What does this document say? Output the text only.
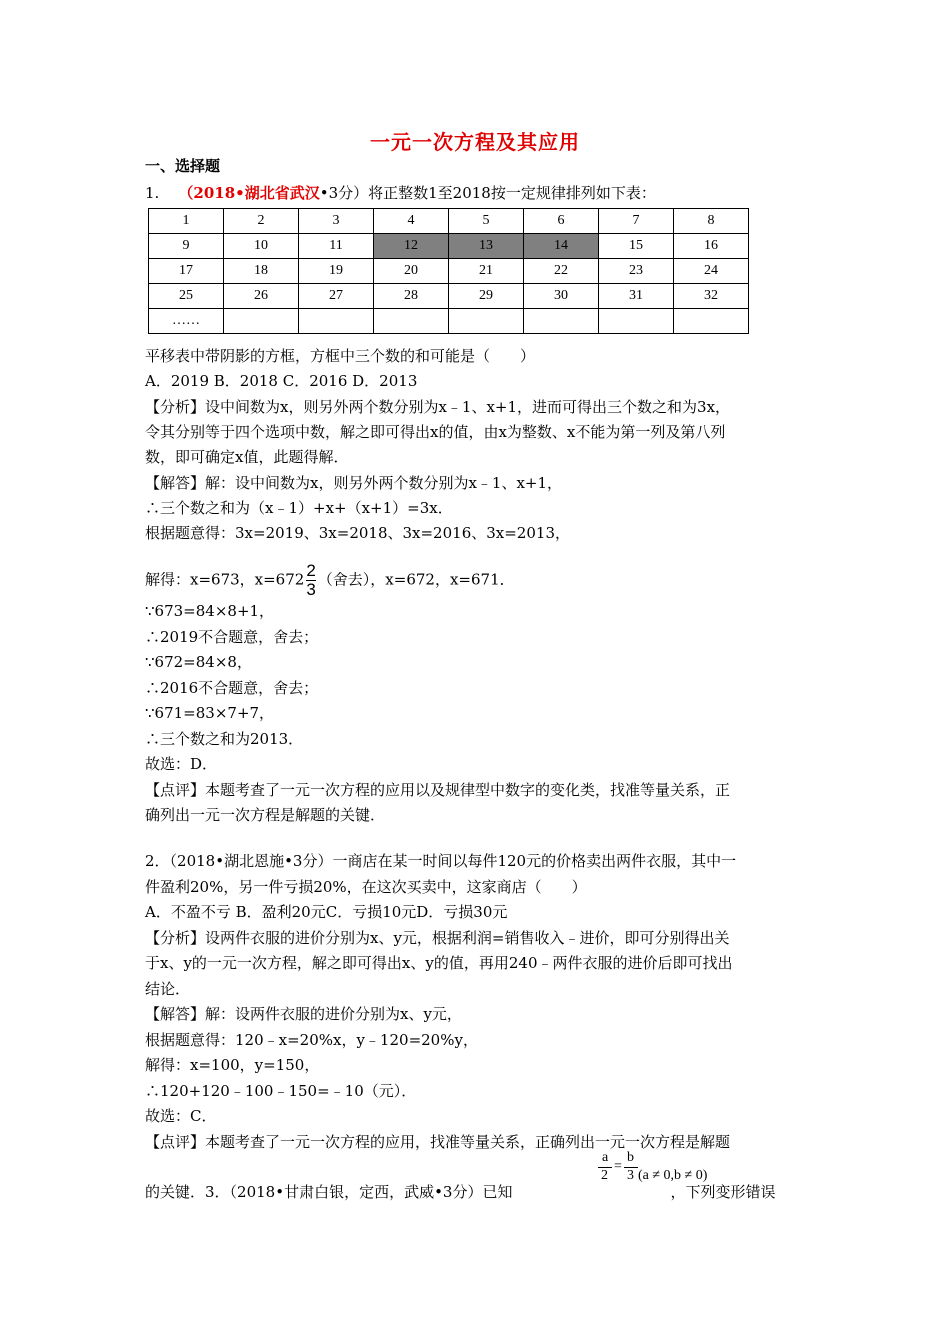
一元一次方程及其应用
一、选择题
1. （2018•湖北省武汉•3分）将正整数1至2018按一定规律排列如下表：
1	2	3	4	5	6	7	8
9	10	11	12	13	14	15	16
17	18	19	20	21	22	23	24
25	26	27	28	29	30	31	32
……							
平移表中带阴影的方框，方框中三个数的和可能是（　　）
A．2019 B．2018 C．2016 D．2013
【分析】设中间数为x，则另外两个数分别为x﹣1、x+1，进而可得出三个数之和为3x，
令其分别等于四个选项中数，解之即可得出x的值，由x为整数、x不能为第一列及第八列
数，即可确定x值，此题得解．
【解答】解：设中间数为x，则另外两个数分别为x﹣1、x+1，
∴三个数之和为（x﹣1）+x+（x+1）=3x．
根据题意得：3x=2019、3x=2018、3x=2016、3x=2013，
解得：x=673，$x=672 \frac{2}{3}$ （舍去），x=672，x=671．
∵673=84×8+1，
∴2019不合题意，舍去；
∵672=84×8，
∴2016不合题意，舍去；
∵671=83×7+7，
∴三个数之和为2013．
故选：D．
【点评】本题考查了一元一次方程的应用以及规律型中数字的变化类，找准等量关系，正
确列出一元一次方程是解题的关键．
2．（2018•湖北恩施•3分）一商店在某一时间以每件120元的价格卖出两件衣服，其中一
件盈利20%，另一件亏损20%，在这次买卖中，这家商店（　　）
A．不盈不亏 B．盈利20元C．亏损10元D．亏损30元
【分析】设两件衣服的进价分别为x、y元，根据利润=销售收入﹣进价，即可分别得出关
于x、y的一元一次方程，解之即可得出x、y的值，再用240﹣两件衣服的进价后即可找出
结论．
【解答】解：设两件衣服的进价分别为x、y元，
根据题意得：120﹣x=20%x，y﹣120=20%y，
解得：x=100，y=150，
∴120+120﹣100﹣150=﹣10（元）．
故选：C．
【点评】本题考查了一元一次方程的应用，找准等量关系，正确列出一元一次方程是解题
的关键．3．（2018•甘肃白银，定西，武威•3分）已知	，下列变形错误
a
2
=
b
3 (a ≠ 0,b ≠ 0)
